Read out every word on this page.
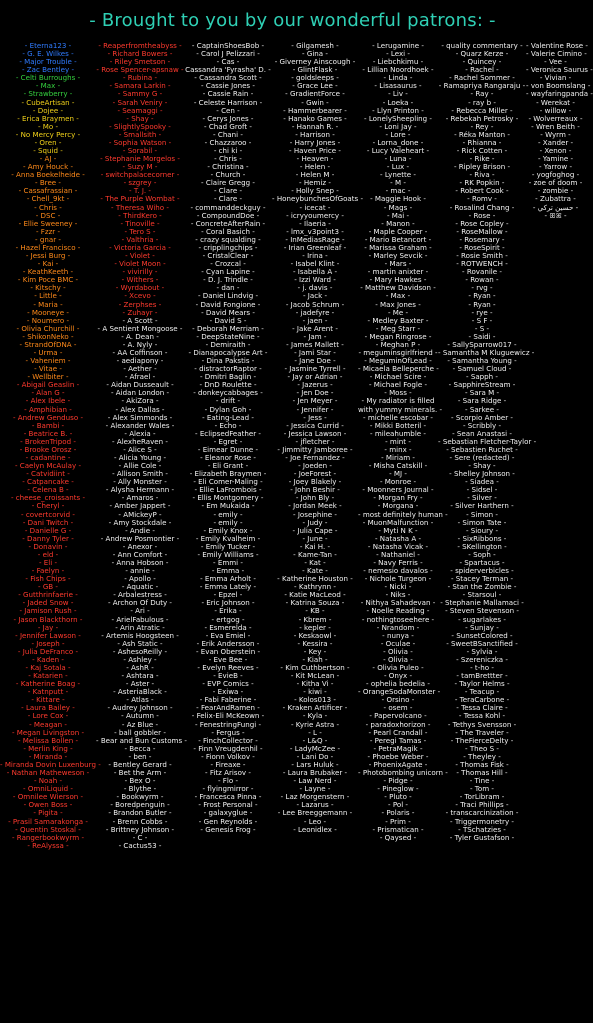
- Brought to you by our wonderful patrons: -
- Eterna123 -
- G. E. Wilkes -
- Major Trouble -
- Zac Bentley -
- Celti Burroughs -
- Max -
- Strawberry -
- CubeArtisan -
- Dojee -
- Erica Braymen -
- Mo -
- No Mercy Percy -
- Oren -
- Squid -
- AJ -
- Amy Houck -
- Anna Boekelheide -
- Bree -
- Cassafrassian -
- Chell_9kt -
- Chris -
- DSC -
- Ellie Sweeney -
- Fzzr -
- gnar -
- Hazel Francisco -
- Jessi Burg -
- Kai -
- KeathKeeth -
- Kim Poce BMC -
- Kitschy -
- Little -
- Maria -
- Mooneye -
- Noumero -
- Olivia Churchill -
- ShikonNeko -
- StrandOfDNA -
- Urma -
- Vaheniem -
- Vitae -
- Wellbiter -
- Abigail Geaslin -
- Alan G -
- Alex Ibele -
- Amphibian -
- Andrew Genduso -
- Bambi -
- Beatrice B. -
- BrokenTripod -
- Brooke Orosz -
- cadantine -
- Caelyn McAulay -
- Catvidiint -
- Catpancake -
- Celena B -
- cheese_croissants -
- Cheryl -
- covertcorvid -
- Dani Twitch -
- Danielle G -
- Danny Tyler -
- Donavin -
- eld -
- Eli -
- Faelyn -
- Fish Chips -
- GB -
- Gutthrinfaerie -
- Jaded Snow -
- Jamison Rush -
- Jason Blackthorn -
- Jay -
- Jennifer Lawson -
- Joseph -
- Julia DeFranco -
- Kaden -
- Kaj Sotala -
- Katarien -
- Katherine Boag -
- Katnputt -
- Kittare -
- Laura Bailey -
- Lore Cox -
- Meagan -
- Megan Livingston -
- Melissa Bollen -
- Merlin King -
- Miranda -
- Miranda Dovin Luxenburg -
- Nathan Matheweson -
- Noah -
- OmniLiquid -
- Omnilee Wierson -
- Owen Boss -
- Pigita -
- Prasil Samarakonga -
- Quentin Stoskal -
- Rangerbookwyrm -
- ReAlyssa -
- Reaperfromtheabyss -
- Richard Bowers -
- Riley Smetson -
- Rose Spencer-apsnaw -
- Rubina -
- Samara Larkin -
- Sammy G -
- Sarah Veniry -
- Seamaggi -
- Shay -
- SlightlySpooky -
- Smallsith -
- Sophia Watson -
- Sorabil -
- Stephanie Morgelos -
- Suzy M -
- switchpalacecorner -
- szgrey -
- T. J. -
- The Purple Wombat -
- Theresa Wiho -
- ThirdKero -
- Tinoville -
- Tero S -
- Valthria -
- Victoria Garcia -
- Violet -
- Violet Moon -
- vivirilly -
- Withers -
- Wyrdabout -
- Xcevo -
- Zerphses -
- Zuhayr -
- A Scott -
- A Sentient Mongoose -
- A. Dean -
- A. Nyly -
- AA Coffinson -
- aediapony -
- Aether -
- Afrael -
- Aidan Dusseault -
- Aidan London -
- AkiZora -
- Alex Dallas -
- Alex Simmonds -
- Alexander Wales -
- Alexia -
- AlexheRaven -
- Alice S -
- Alicia Young -
- Allie Cole -
- Allison Smith -
- Ally Monster -
- Alysha Hermann -
- Amaros -
- Amber Jappert -
- AMickeyP -
- Amy Stockdale -
- Andie -
- Andrew Posmontier -
- Anexor -
- Ann Comfort -
- Anna Hobson -
- annie -
- Apollo -
- Aquatic -
- Arbalestress -
- Archon Of Duty -
- Ari -
- ArielFabulous -
- Arin Atratic -
- Artemis Hoogsteen -
- Ash Static -
- AshesoReilly -
- Ashley -
- AshR -
- Ashtara -
- Aster -
- AsteriaBlack -
- Atlas -
- Audrey Johnson -
- Autumn -
- Az Blue -
- ball gobbler -
- Bear and Bun Customs -
- Becca -
- ben -
- Bentley Gerard -
- Bet the Arm -
- Bex O -
- Blythe -
- Bookwyrm -
- Boredpenguin -
- Brandon Butler -
- Brenn Cobbs -
- Brittney Johnson -
- C -
- Cactus53 -
- CaptainShoesBob -
- Carol J Pelizzari -
- Cas -
Cassandra 'Fyrasha' D. -
- Cassandra Scott -
- Cassie Jones -
- Cassie Rain -
- Celeste Harrison -
- Cen -
- Cerys Jones -
- Chad Groft -
- Chani -
- Chazzaroo -
- chi ki -
- Chris -
- Christina -
- Church -
- Claire Gregg -
- Clare -
- Clare -
- commanddeckguy -
- CompoundDoe -
- ConcreteAfterRain -
- Coral Basich -
- crazy squalding -
- cripplingchips -
- CristalClear -
- Crozcal -
- Cyan Lapine -
- D. J. Trindle -
- dan -
- Daniel Lindvig -
- David Fongione -
- David Mears -
- David S -
- Deborah Merriam -
- DeepStateNine -
- Demiraith -
- Dianapocalypse Art -
- Dina Pakstis -
- distractorRaptor -
- Dmitri Baglin -
- DnD Roulette -
- donkeycabbages -
- drift -
- Dylan Goh -
- Eating-Lead -
- Echo -
- EclipsedFeather -
- Egret -
- Eimear Dunne -
- Eleanor Rose -
- Eli Grant -
- Elizabeth Braymen -
- Eli Comer-Maling -
- Ellie LaFrombois -
- Ellis Montgomery -
- Em Mukaida -
- emily -
- emily -
- Emily Knox -
- Emily Kvalheim -
- Emily Tucker -
- Emily Williams -
- Emmi -
- Emma -
- Emma Arholt -
- Emma Lately -
- Epzel -
- Eric Johnson -
- Erika -
- ertgog -
- Esmerelda -
- Eva Emiel -
- Erik Andersson -
- Evan Oberstein -
- Eve Bee -
- Evelyn Reeves -
- EvieB -
- EVP Comics -
- Exiwa -
- Fabi Faberine -
- FearAndRamen -
- Felix-Eli McKeown -
- FenestringFungi -
- Fergus -
- FinchCollector -
- Finn Vreugdenhil -
- Fionn Volkov -
- Fireaxe -
- Fitz Arisov -
- Flo -
- flyingmirror -
- Francesca Pinna -
- Frost Personal -
- galaxyglue -
- Gen Reynolds -
- Genesis Frog -
- Gilgamesh -
- Gina -
- Giverney Ainscough -
- GlintFlask -
- goldsleeps -
- Grace Lee -
- GradientForce -
- Gwin -
- Hammerbearer -
- Hanako Games -
- Hannah R. -
- Harrison -
- Harry Jones -
- Haven Price -
- Heaven -
- Helen -
- Helen M -
- Hemiz -
- Holly Snep -
- HoneybunchesOfGoats -
- icecat -
- icryyoumercy -
- Ilaeria -
- lmx_v3point3 -
- InMediasRage -
- Irian Greenleaf -
- Irina -
- Isabel Klint -
- Isabella A -
- Izzi Ward -
- j. davis -
- Jack -
- Jacob Schrum -
- jadefyre -
- jaen -
- Jake Arent -
- Jam -
- James Mallett -
- Jami Star -
- Jane Doe -
- Jasmine Tyrrell -
- Jay or Adrian -
- Jazerus -
- Jen Doe -
- Jen Meyer -
- Jennifer -
- Jess -
- Jessica Currid -
- Jessica Lawson -
- jfletcher -
- Jimmitty Jamboree -
- Joe Fernandez -
- Joeden -
- JoeForest -
- Joey Blakely -
- John Beshir -
- John Bly -
- Jordan Meek -
- Josephine -
- Judy -
- Julia Cape -
- June -
- Kai H. -
- Kame-Tan -
- Kat -
- Kate -
- Katherine Houston -
- Kathrynn -
- Katie MacLeod -
- Katrina Souza -
- KB -
- Kbrem -
- kepler -
- Keskaowl -
- Kessira -
- Key -
- Kiah -
- Kim Cuthbertson -
- Kit McLean -
- Kitha Vi -
- kiwi -
- Kolos013 -
- Kraken Artificer -
- Kyla -
- Kyrie Astra -
- L -
- L&Q -
- LadyMcZee -
- Lani Do -
- Lars Huluk -
- Laura Brubaker -
- Law Nerd -
- Layne -
- Laz Morgenstern -
- Lazarus -
- Lee Breeggemann -
- Leo -
- Leonidlex -
- Lerugamine -
- Lexi -
- Liebchkimu -
- Lillian Noordhoek -
- Linda -
- Lisasaurus -
- Liv -
- Loeka -
- Llyn Printon -
- LonelySheepling -
- Loni Jay -
- Lore -
- Lorna_done -
- Lucy Valeheart -
- Luna -
- Lux -
- Lynette -
- M -
- mac -
- Maggie Hook -
- Mags -
- Mai -
- Manon -
- Maple Cooper -
- Mario Betancort -
- Marissa Graham -
- Marley Sevcik -
- Mars -
- martin anixter -
- Mary Hawkes -
- Matthew Davidson -
- Max -
- Max Jones -
- Me -
- Medley Baxter -
- Meg Starr -
- Megan Ringrose -
- Meghan P -
- meguminsgirlfriend -
- MeguminOfLead -
- Micaela Belleperche -
- Michael Scire -
- Michael Fogle -
- Moss -
- My radiator is filled
with yummy minerals. -
- michelle escobar -
- Mikki Botteril -
- mileahumble -
- mint -
- minx -
- Miriam -
- Misha Catskill -
- MJ -
- Monroe -
- Moonners Journal -
- Morgan Fry -
- Morgana -
- most definitely human -
- MuonMalfunction -
- Myti N K -
- Natasha A -
- Natasha Vicak -
- Nathaniel -
- Navy Ferris -
- nemesio davalos -
- Nichole Turgeon -
- Nicki -
- Niks -
- Nithya Sahadevan -
- Noelle Reading -
- nothingtoseehere -
- Nrandom -
- nunya -
- Oculae -
- Olivia -
- Olivia -
- Olivia Puleo -
- Onyx -
- ophelia bedelia -
- OrangeSodaMonster -
- Orsino -
- osem -
- Papervolcano -
- paradoxhorizon -
- Pearl Crandall -
- Peregi Tamas -
- PetraMagik -
- Phoebe Weber -
- PhoenixAgate -
- Photobombing unicorn -
- Pidge -
- Pineglow -
- Pluto -
- Pol -
- Polaris -
- Prim -
- Prismatican -
- Qaysed -
- quality commentary -
- Quarz Kerze -
- Quincey -
- Rachel -
- Rachel Sommer -
- Ramapriya Rangaraju -
- Ray -
- ray b -
- Rebecca Miller -
- Rebekah Petrosky -
- Rey -
- Réka Manton -
- Rhianna -
- Rick Cotten -
- Rike -
- Ripley Brison -
- Riva -
- RK Popkin -
- Robert Cook -
- Romv -
- Rosalind Chang -
- Rose -
- Rose Copley -
- RoseMallow -
- Rosemary -
- RoseSpirit -
- Rosie Smith -
- ROTWENCH -
- Rovanile -
- Rowan -
- rvg -
- Ryan -
- Ryan -
- rye -
- S F -
- S -
- Saidi -
- SallySparrow017 -
- Samantha M Kluguewicz -
- Samantha Young -
- Samuel Cloud -
- Sapph -
- SapphireStream -
- Sara M -
- Sara Ridge -
- Sarkee -
- Scorpio Amber -
- Scribbly -
- Sean Anastasi -
- Sebastian Fletcher-Taylor -
- Sebastien Ruchet -
- Sere (redacted) -
- Shay -
- Shelley Johnson -
- Siadea -
- Sidsel -
- Silver -
- Silver Harthern -
- Simon -
- Simon Tate -
- Sioury -
- SixRibbons -
- SKellington -
- Soph -
- Spartacus -
- spiderverbicles -
- Stacey Terman -
- Stan the Zombie -
- Starsoul -
- Stephanie Mallamaci -
- Steven Stevenson -
- sugarlakes -
- Sunjay -
- SunsetColored -
- SweetBSanctified -
- Sylvia -
- Szereniczka -
- t-ho -
- tamBrettter -
- Taylor Helms -
- Teacup -
- TeraCarbone -
- Tessa Claire -
- Tessa Kohl -
- Tethys Svensson -
- The Traveler -
- TheFierceDelty -
- Theo S -
- Theyley -
- Thomas Fisk -
- Thomas Hill -
- Tine -
- Tom -
- TorLibram -
- Traci Phillips -
- transcarcinization -
- Triggermonetry -
- TSchatzies -
- Tyler Gustafson -
- Valentine Rose -
- Valerie Cimino -
- Vee -
- Veronica Saurus -
- Vivian -
- von Boomslang -
- wayfaringpanda -
- Werekat -
- willow -
- Wolverreaux -
- Wren Beith -
- Wyrm -
- Xander -
- Xenon -
- Yamine -
- Yarrow -
- yogfoghog -
- zoe of doom -
- zombie -
- Zubattra -
- حسين تركي -
- ꕥꕤ -
